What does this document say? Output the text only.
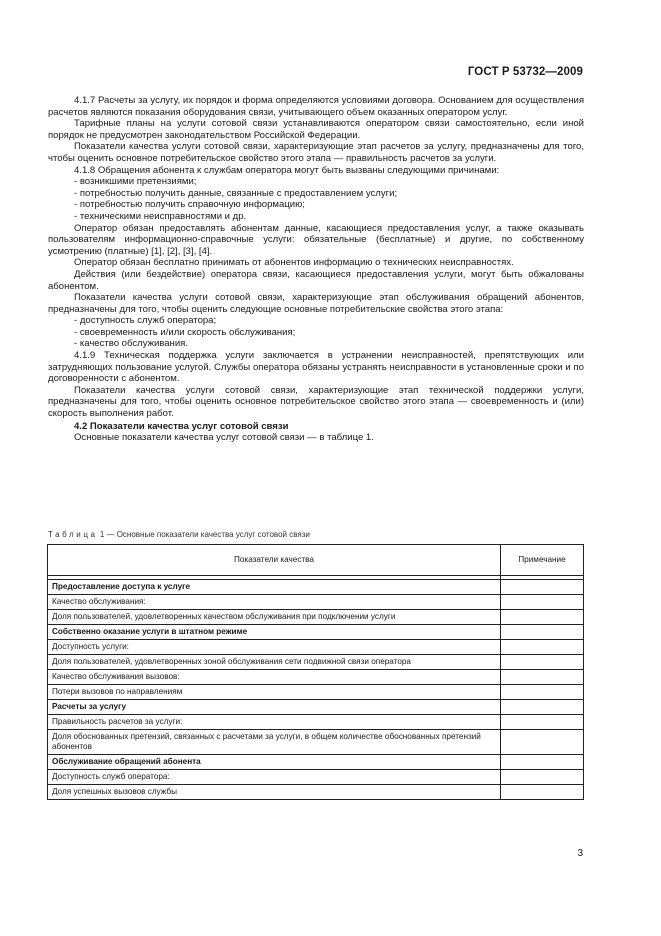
ГОСТ Р 53732—2009

4.1.7 Расчеты за услугу, их порядок и форма определяются условиями договора. Основанием для осуществления расчетов являются показания оборудования связи, учитывающего объем оказанных оператором услуг.

Тарифные планы на услуги сотовой связи устанавливаются оператором связи самостоятельно, если иной порядок не предусмотрен законодательством Российской Федерации.

Показатели качества услуги сотовой связи, характеризующие этап расчетов за услугу, предназначены для того, чтобы оценить основное потребительское свойство этого этапа — правильность расчетов за услуги.

4.1.8 Обращения абонента к службам оператора могут быть вызваны следующими причинами:

- возникшими претензиями;

- потребностью получить данные, связанные с предоставлением услуги;

- потребностью получить справочную информацию;

- техническими неисправностями и др.

Оператор обязан предоставлять абонентам данные, касающиеся предоставления услуг, а также оказывать пользователям информационно-справочные услуги: обязательные (бесплатные) и другие, по собственному усмотрению (платные) [1], [2], [3], [4].

Оператор обязан бесплатно принимать от абонентов информацию о технических неисправностях.

Действия (или бездействие) оператора связи, касающиеся предоставления услуги, могут быть обжалованы абонентом.

Показатели качества услуги сотовой связи, характеризующие этап обслуживания обращений абонентов, предназначены для того, чтобы оценить следующие основные потребительские свойства этого этапа:

- доступность служб оператора;

- своевременность и/или скорость обслуживания;

- качество обслуживания.

4.1.9 Техническая поддержка услуги заключается в устранении неисправностей, препятствующих или затрудняющих пользование услугой. Службы оператора обязаны устранять неисправности в установленные сроки и по договоренности с абонентом.

Показатели качества услуги сотовой связи, характеризующие этап технической поддержки услуги, предназначены для того, чтобы оценить основное потребительское свойство этого этапа — своевременность и (или) скорость выполнения работ.

4.2 Показатели качества услуг сотовой связи

Основные показатели качества услуг сотовой связи — в таблице 1.

Таблица 1 — Основные показатели качества услуг сотовой связи
Показатели качества	Примечание

Предоставление доступа к услуге	
Качество обслуживания:	
Доля пользователей, удовлетворенных качеством обслуживания при подключении услуги	
Собственно оказание услуги в штатном режиме	
Доступность услуги:	
Доля пользователей, удовлетворенных зоной обслуживания сети подвижной связи оператора	
Качество обслуживания вызовов:	
Потери вызовов по направлениям	
Расчеты за услугу	
Правильность расчетов за услуги:	
Доля обоснованных претензий, связанных с расчетами за услуги, в общем количестве обоснованных претензий абонентов	
Обслуживание обращений абонента	
Доступность служб оператора:	
Доля успешных вызовов службы	
3
